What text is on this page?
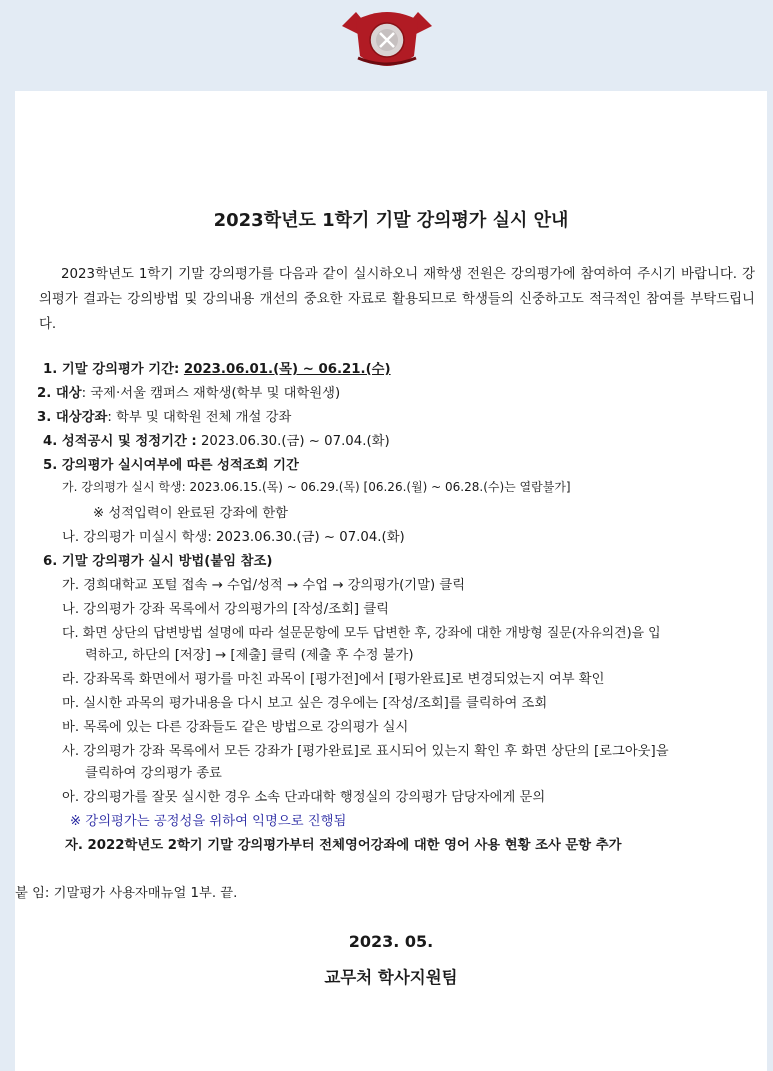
2023학년도 1학기 기말 강의평가 실시 안내
2023학년도 1학기 기말 강의평가를 다음과 같이 실시하오니 재학생 전원은 강의평가에 참여하여 주시기 바랍니다. 강의평가 결과는 강의방법 및 강의내용 개선의 중요한 자료로 활용되므로 학생들의 신중하고도 적극적인 참여를 부탁드립니다.
1. 기말 강의평가 기간: 2023.06.01.(목) ~ 06.21.(수)
2. 대상: 국제·서울 캠퍼스 재학생(학부 및 대학원생)
3. 대상강좌: 학부 및 대학원 전체 개설 강좌
4. 성적공시 및 정정기간 : 2023.06.30.(금) ~ 07.04.(화)
5. 강의평가 실시여부에 따른 성적조회 기간
가. 강의평가 실시 학생: 2023.06.15.(목) ~ 06.29.(목) [06.26.(월) ~ 06.28.(수)는 열람불가]
※ 성적입력이 완료된 강좌에 한함
나. 강의평가 미실시 학생: 2023.06.30.(금) ~ 07.04.(화)
6. 기말 강의평가 실시 방법(붙임 참조)
가. 경희대학교 포털 접속 → 수업/성적 → 수업 → 강의평가(기말) 클릭
나. 강의평가 강좌 목록에서 강의평가의 [작성/조회] 클릭
다. 화면 상단의 답변방법 설명에 따라 설문문항에 모두 답변한 후, 강좌에 대한 개방형 질문(자유의견)을 입
력하고, 하단의 [저장] → [제출] 클릭 (제출 후 수정 불가)
라. 강좌목록 화면에서 평가를 마친 과목이 [평가전]에서 [평가완료]로 변경되었는지 여부 확인
마. 실시한 과목의 평가내용을 다시 보고 싶은 경우에는 [작성/조회]를 클릭하여 조회
바. 목록에 있는 다른 강좌들도 같은 방법으로 강의평가 실시
사. 강의평가 강좌 목록에서 모든 강좌가 [평가완료]로 표시되어 있는지 확인 후 화면 상단의 [로그아웃]을
클릭하여 강의평가 종료
아. 강의평가를 잘못 실시한 경우 소속 단과대학 행정실의 강의평가 담당자에게 문의
※ 강의평가는 공정성을 위하여 익명으로 진행됨
자. 2022학년도 2학기 기말 강의평가부터 전체영어강좌에 대한 영어 사용 현황 조사 문항 추가
붙 임: 기말평가 사용자매뉴얼 1부. 끝.
2023. 05.
교무처 학사지원팀
